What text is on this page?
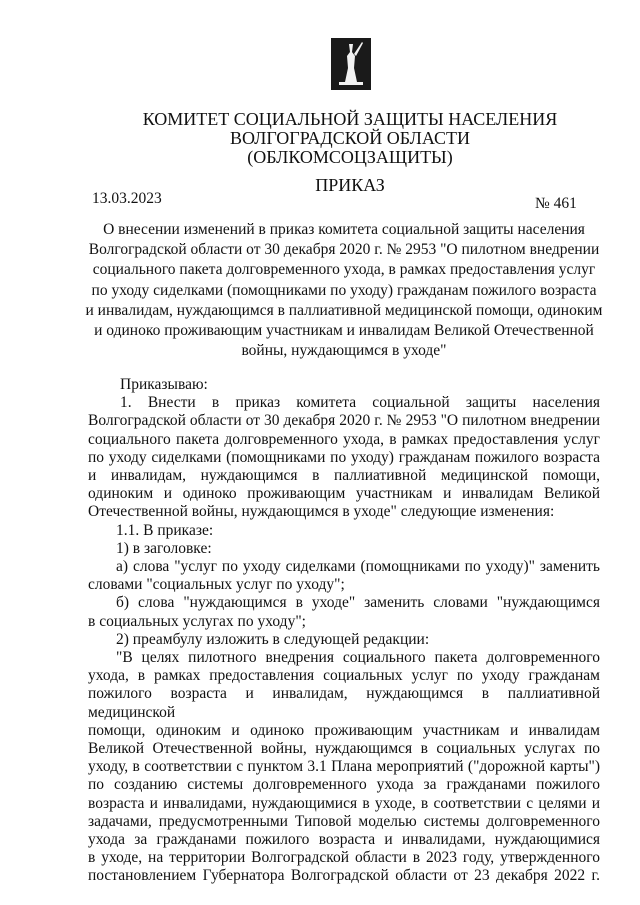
КОМИТЕТ СОЦИАЛЬНОЙ ЗАЩИТЫ НАСЕЛЕНИЯ
ВОЛГОГРАДСКОЙ ОБЛАСТИ
(ОБЛКОМСОЦЗАЩИТЫ)
ПРИКАЗ
13.03.2023	№ 461
О внесении изменений в приказ комитета социальной защиты населения
Волгоградской области от 30 декабря 2020 г. № 2953 "О пилотном внедрении
социального пакета долговременного ухода, в рамках предоставления услуг
по уходу сиделками (помощниками по уходу) гражданам пожилого возраста
и инвалидам, нуждающимся в паллиативной медицинской помощи, одиноким
и одиноко проживающим участникам и инвалидам Великой Отечественной
войны, нуждающимся в уходе"
Приказываю:
1. Внести в приказ комитета социальной защиты населения
Волгоградской области от 30 декабря 2020 г. № 2953 "О пилотном внедрении
социального пакета долговременного ухода, в рамках предоставления услуг
по уходу сиделками (помощниками по уходу) гражданам пожилого возраста
и инвалидам, нуждающимся в паллиативной медицинской помощи,
одиноким и одиноко проживающим участникам и инвалидам Великой
Отечественной войны, нуждающимся в уходе" следующие изменения:
1.1. В приказе:
1) в заголовке:
а) слова "услуг по уходу сиделками (помощниками по уходу)" заменить
словами "социальных услуг по уходу";
б) слова "нуждающимся в уходе" заменить словами "нуждающимся
в социальных услугах по уходу";
2) преамбулу изложить в следующей редакции:
"В целях пилотного внедрения социального пакета долговременного
ухода, в рамках предоставления социальных услуг по уходу гражданам
пожилого возраста и инвалидам, нуждающимся в паллиативной медицинской
помощи, одиноким и одиноко проживающим участникам и инвалидам
Великой Отечественной войны, нуждающимся в социальных услугах по
уходу, в соответствии с пунктом 3.1 Плана мероприятий ("дорожной карты")
по созданию системы долговременного ухода за гражданами пожилого
возраста и инвалидами, нуждающимися в уходе, в соответствии с целями и
задачами, предусмотренными Типовой моделью системы долговременного
ухода за гражданами пожилого возраста и инвалидами, нуждающимися
в уходе, на территории Волгоградской области в 2023 году, утвержденного
постановлением Губернатора Волгоградской области от 23 декабря 2022 г.
